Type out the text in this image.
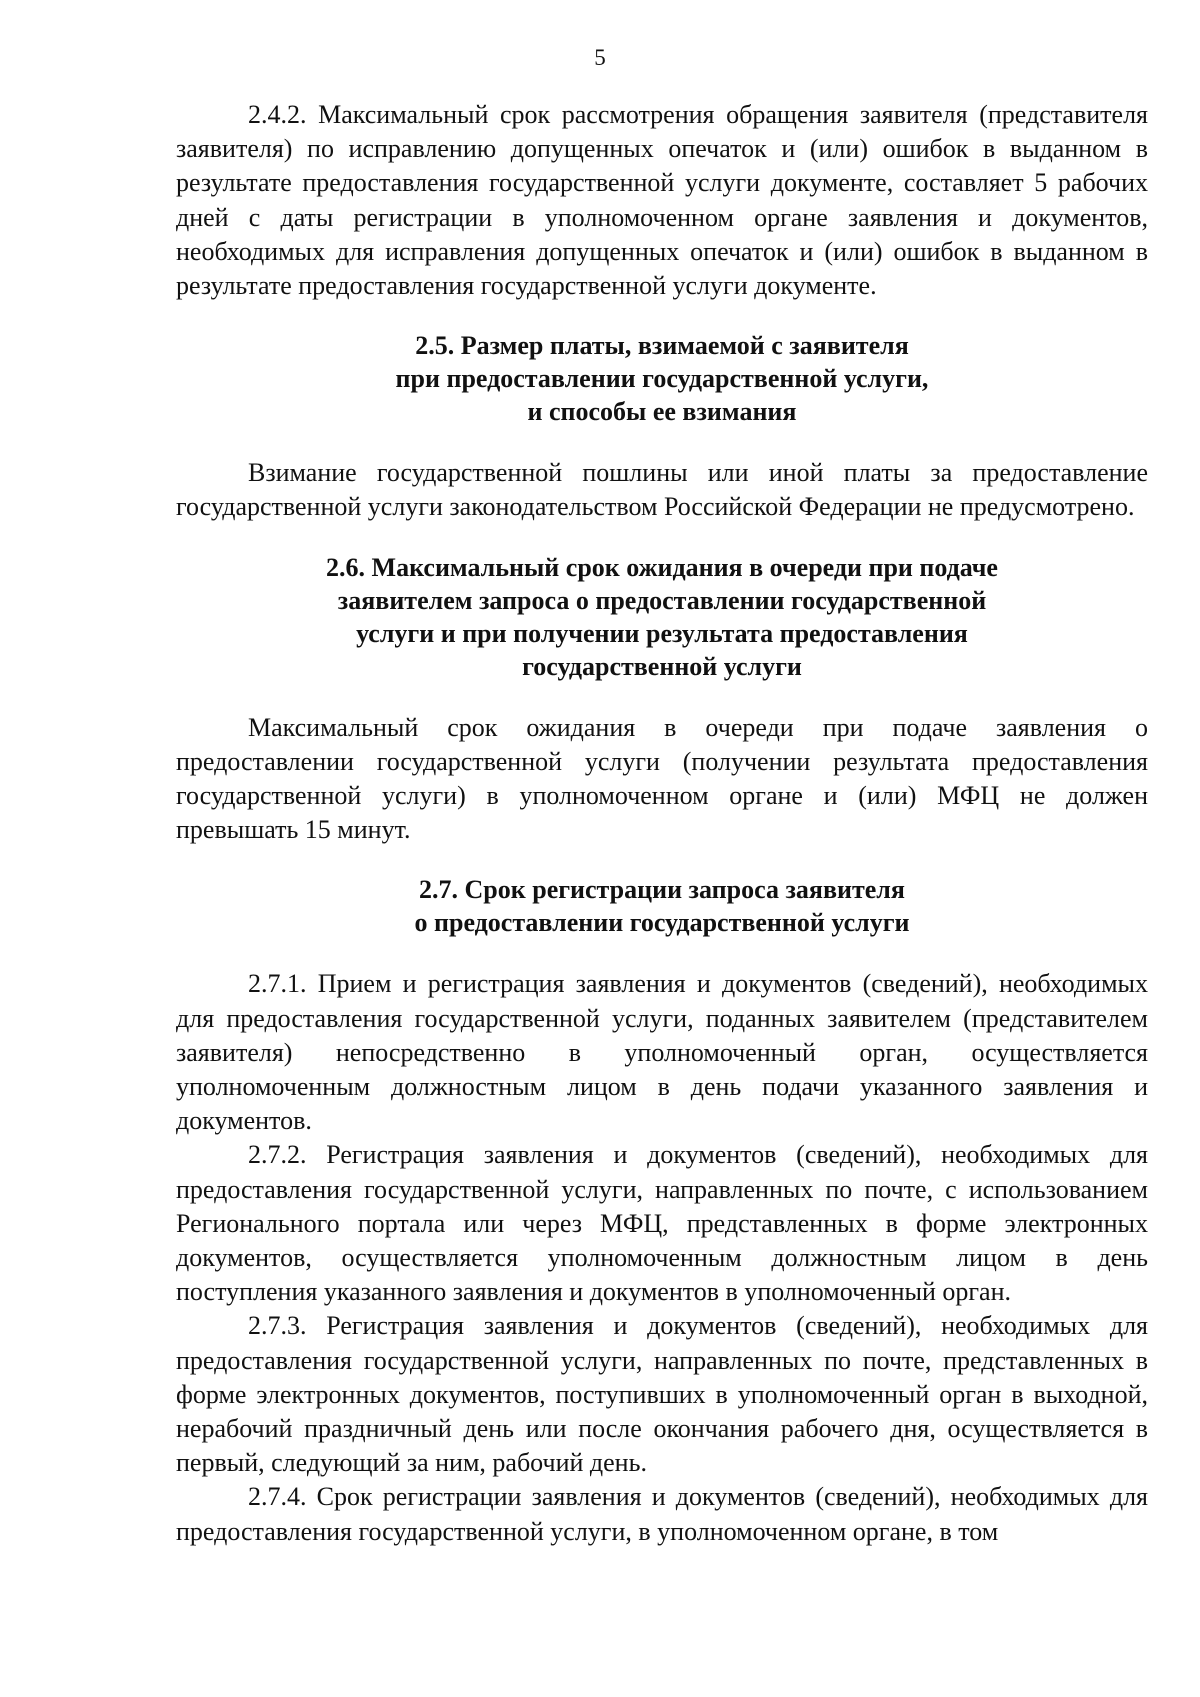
5

2.4.2. Максимальный срок рассмотрения обращения заявителя (представителя заявителя) по исправлению допущенных опечаток и (или) ошибок в выданном в результате предоставления государственной услуги документе, составляет 5 рабочих дней с даты регистрации в уполномоченном органе заявления и документов, необходимых для исправления допущенных опечаток и (или) ошибок в выданном в результате предоставления государственной услуги документе.

2.5. Размер платы, взимаемой с заявителя
при предоставлении государственной услуги,
и способы ее взимания

Взимание государственной пошлины или иной платы за предоставление государственной услуги законодательством Российской Федерации не предусмотрено.

2.6. Максимальный срок ожидания в очереди при подаче
заявителем запроса о предоставлении государственной
услуги и при получении результата предоставления
государственной услуги

Максимальный срок ожидания в очереди при подаче заявления о предоставлении государственной услуги (получении результата предоставления государственной услуги) в уполномоченном органе и (или) МФЦ не должен превышать 15 минут.

2.7. Срок регистрации запроса заявителя
о предоставлении государственной услуги

2.7.1. Прием и регистрация заявления и документов (сведений), необходимых для предоставления государственной услуги, поданных заявителем (представителем заявителя) непосредственно в уполномоченный орган, осуществляется уполномоченным должностным лицом в день подачи указанного заявления и документов.

2.7.2. Регистрация заявления и документов (сведений), необходимых для предоставления государственной услуги, направленных по почте, с использованием Регионального портала или через МФЦ, представленных в форме электронных документов, осуществляется уполномоченным должностным лицом в день поступления указанного заявления и документов в уполномоченный орган.

2.7.3. Регистрация заявления и документов (сведений), необходимых для предоставления государственной услуги, направленных по почте, представленных в форме электронных документов, поступивших в уполномоченный орган в выходной, нерабочий праздничный день или после окончания рабочего дня, осуществляется в первый, следующий за ним, рабочий день.

2.7.4. Срок регистрации заявления и документов (сведений), необходимых для предоставления государственной услуги, в уполномоченном органе, в том
